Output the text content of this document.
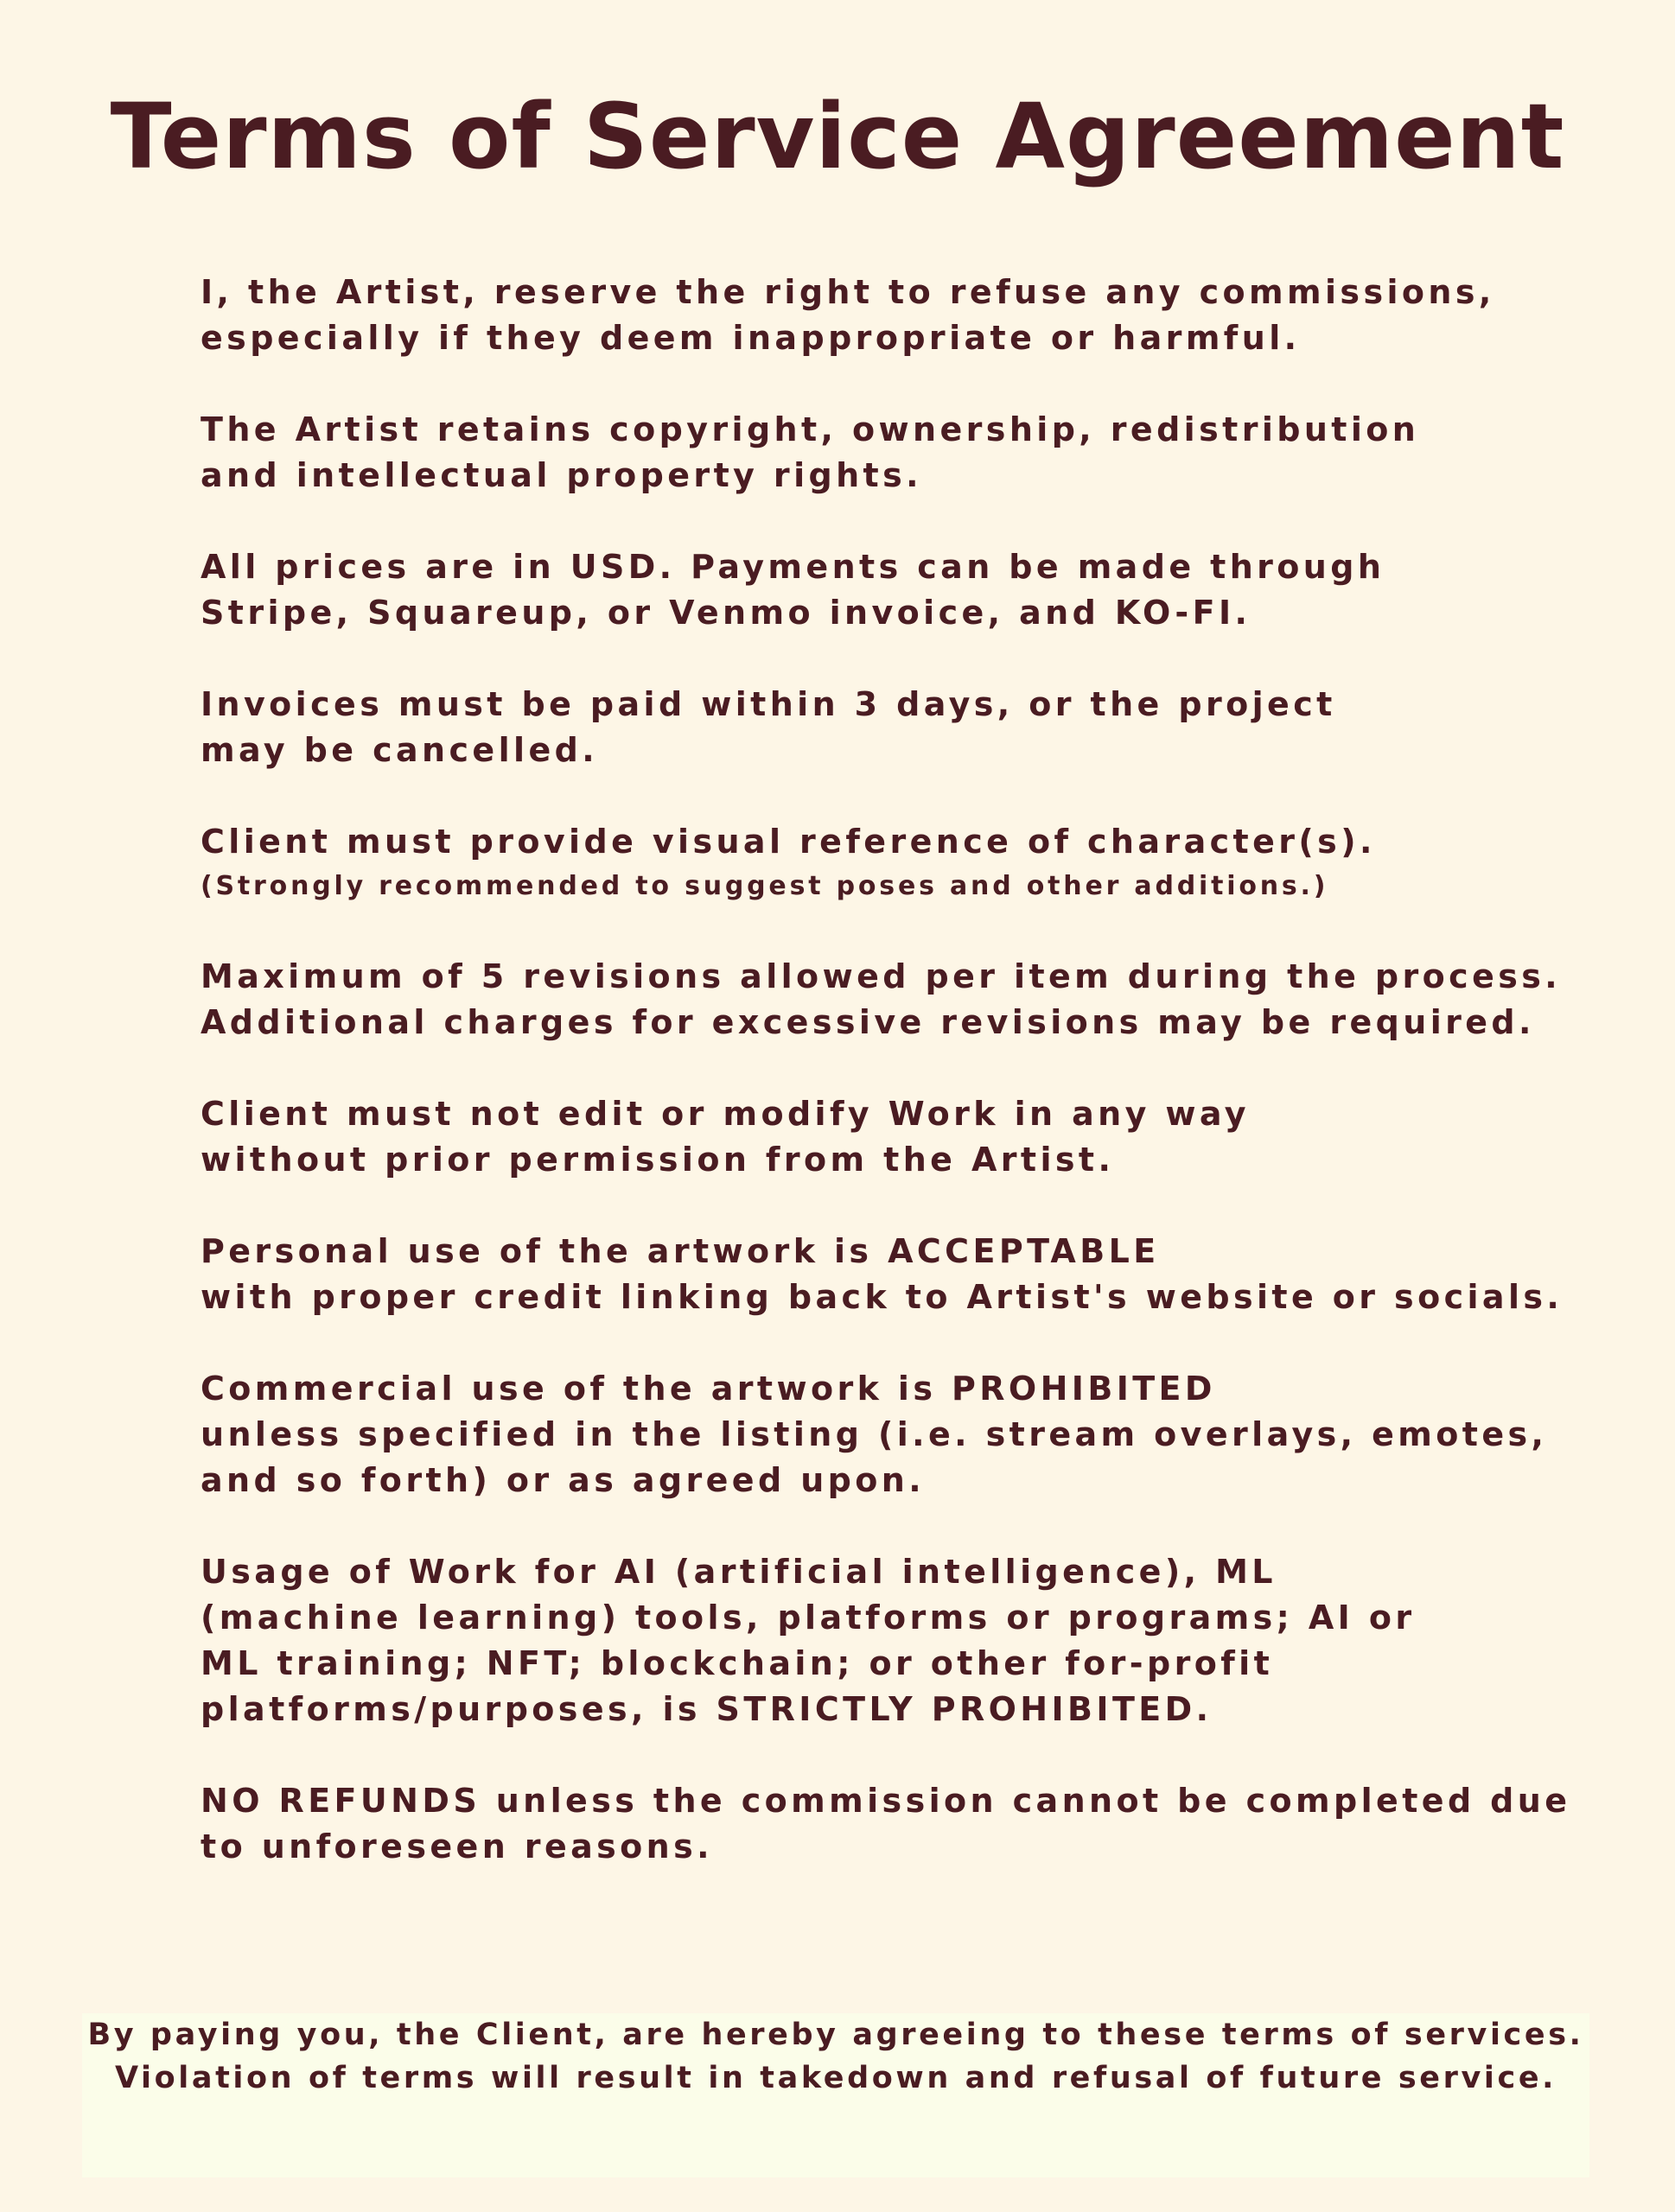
Terms of Service Agreement
I, the Artist, reserve the right to refuse any commissions,
especially if they deem inappropriate or harmful.
The Artist retains copyright, ownership, redistribution
and intellectual property rights.
All prices are in USD. Payments can be made through
Stripe, Squareup, or Venmo invoice, and KO-FI.
Invoices must be paid within 3 days, or the project
may be cancelled.
Client must provide visual reference of character(s).
(Strongly recommended to suggest poses and other additions.)
Maximum of 5 revisions allowed per item during the process.
Additional charges for excessive revisions may be required.
Client must not edit or modify Work in any way
without prior permission from the Artist.
Personal use of the artwork is ACCEPTABLE
with proper credit linking back to Artist's website or socials.
Commercial use of the artwork is PROHIBITED
unless specified in the listing (i.e. stream overlays, emotes,
and so forth) or as agreed upon.
Usage of Work for AI (artificial intelligence), ML
(machine learning) tools, platforms or programs; AI or
ML training; NFT; blockchain; or other for-profit
platforms/purposes, is STRICTLY PROHIBITED.
NO REFUNDS unless the commission cannot be completed due
to unforeseen reasons.
By paying you, the Client, are hereby agreeing to these terms of services.
Violation of terms will result in takedown and refusal of future service.
